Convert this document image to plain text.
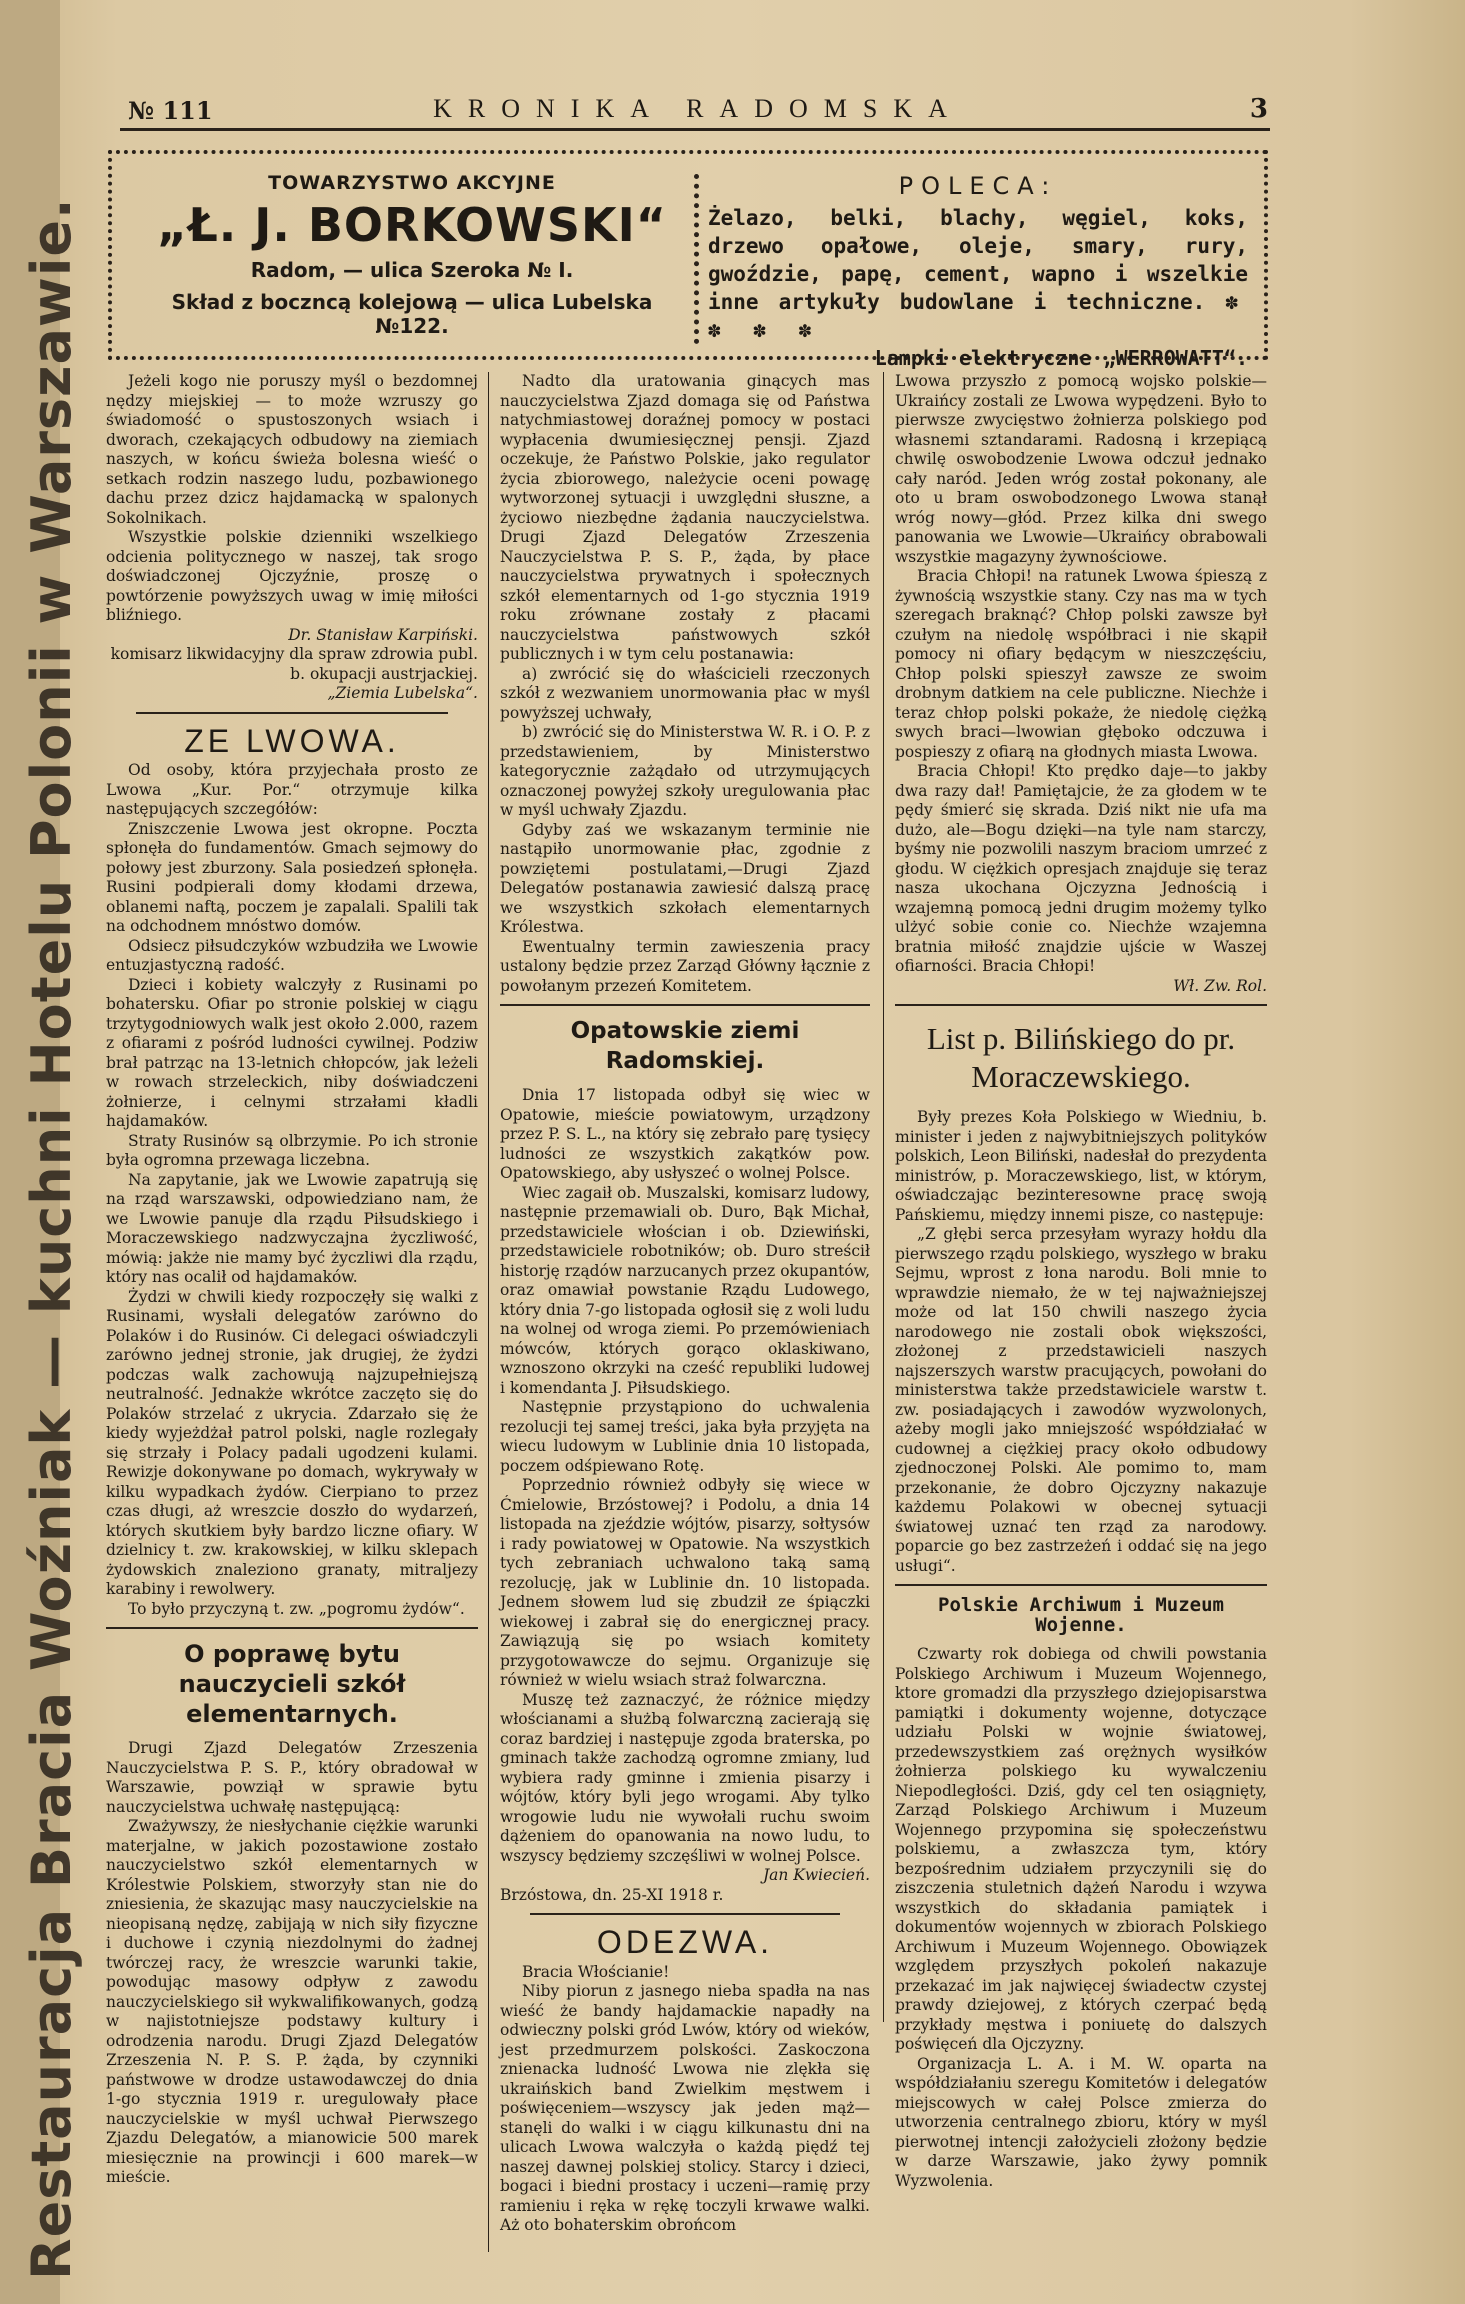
Restauracja Bracia Woźniak — kuchni Hotelu Polonii w Warszawie.
№ 111	KRONIKA RADOMSKA	3
TOWARZYSTWO AKCYJNE
„Ł. J. BORKOWSKI“
Radom, — ulica Szeroka № I.
Skład z boczncą kolejową — ulica Lubelska №122.
POLECA:
Żelazo, belki, blachy, węgiel, koks, drzewo opałowe, oleje, smary, rury, gwoździe, papę, cement, wapno i wszelkie inne artykuły budowlane i techniczne. ✽ ✽ ✽ ✽
Lampki elektryczne „WERROWATT“.

Jeżeli kogo nie poruszy myśl o bezdomnej nędzy miejskiej — to może wzruszy go świadomość o spustoszonych wsiach i dworach, czekających odbudowy na ziemiach naszych, w końcu świeża bolesna wieść o setkach rodzin naszego ludu, pozbawionego dachu przez dzicz hajdamacką w spalonych Sokolnikach.

Wszystkie polskie dzienniki wszelkiego odcienia politycznego w naszej, tak srogo doświadczonej Ojczyźnie, proszę o powtórzenie powyższych uwag w imię miłości bliźniego.

Dr. Stanisław Karpiński.
komisarz likwidacyjny dla spraw zdrowia publ. b. okupacji austrjackiej.
„Ziemia Lubelska“.
ZE LWOWA.

Od osoby, która przyjechała prosto ze Lwowa „Kur. Por.“ otrzymuje kilka następujących szczegółów:

Zniszczenie Lwowa jest okropne. Poczta spłonęła do fundamentów. Gmach sejmowy do połowy jest zburzony. Sala posiedzeń spłonęła. Rusini podpierali domy kłodami drzewa, oblanemi naftą, poczem je zapalali. Spalili tak na odchodnem mnóstwo domów.

Odsiecz piłsudczyków wzbudziła we Lwowie entuzjastyczną radość.

Dzieci i kobiety walczyły z Rusinami po bohatersku. Ofiar po stronie polskiej w ciągu trzytygodniowych walk jest około 2.000, razem z ofiarami z pośród ludności cywilnej. Podziw brał patrząc na 13-letnich chłopców, jak leżeli w rowach strzeleckich, niby doświadczeni żołnierze, i celnymi strzałami kładli hajdamaków.

Straty Rusinów są olbrzymie. Po ich stronie była ogromna przewaga liczebna.

Na zapytanie, jak we Lwowie zapatrują się na rząd warszawski, odpowiedziano nam, że we Lwowie panuje dla rządu Piłsudskiego i Moraczewskiego nadzwyczajna życzliwość, mówią: jakże nie mamy być życzliwi dla rządu, który nas ocalił od hajdamaków.

Żydzi w chwili kiedy rozpoczęły się walki z Rusinami, wysłali delegatów zarówno do Polaków i do Rusinów. Ci delegaci oświadczyli zarówno jednej stronie, jak drugiej, że żydzi podczas walk zachowują najzupełniejszą neutralność. Jednakże wkrótce zaczęto się do Polaków strzelać z ukrycia. Zdarzało się że kiedy wyjeżdżał patrol polski, nagle rozlegały się strzały i Polacy padali ugodzeni kulami. Rewizje dokonywane po domach, wykrywały w kilku wypadkach żydów. Cierpiano to przez czas długi, aż wreszcie doszło do wydarzeń, których skutkiem były bardzo liczne ofiary. W dzielnicy t. zw. krakowskiej, w kilku sklepach żydowskich znaleziono granaty, mitraljezy karabiny i rewolwery.

To było przyczyną t. zw. „pogromu żydów“.

O poprawę bytu nauczycieli szkół elementarnych.

Drugi Zjazd Delegatów Zrzeszenia Nauczycielstwa P. S. P., który obradował w Warszawie, powziął w sprawie bytu nauczycielstwa uchwałę następującą:

Zważywszy, że niesłychanie ciężkie warunki materjalne, w jakich pozostawione zostało nauczycielstwo szkół elementarnych w Królestwie Polskiem, stworzyły stan nie do zniesienia, że skazując masy nauczycielskie na nieopisaną nędzę, zabijają w nich siły fizyczne i duchowe i czynią niezdolnymi do żadnej twórczej racy, że wreszcie warunki takie, powodując masowy odpływ z zawodu nauczycielskiego sił wykwalifikowanych, godzą w najistotniejsze podstawy kultury i odrodzenia narodu. Drugi Zjazd Delegatów Zrzeszenia N. P. S. P. żąda, by czynniki państwowe w drodze ustawodawczej do dnia 1-go stycznia 1919 r. uregulowały płace nauczycielskie w myśl uchwał Pierwszego Zjazdu Delegatów, a mianowicie 500 marek miesięcznie na prowincji i 600 marek—w mieście.

Nadto dla uratowania ginących mas nauczycielstwa Zjazd domaga się od Państwa natychmiastowej doraźnej pomocy w postaci wypłacenia dwumiesięcznej pensji. Zjazd oczekuje, że Państwo Polskie, jako regulator życia zbiorowego, należycie oceni powagę wytworzonej sytuacji i uwzględni słuszne, a życiowo niezbędne żądania nauczycielstwa. Drugi Zjazd Delegatów Zrzeszenia Nauczycielstwa P. S. P., żąda, by płace nauczycielstwa prywatnych i społecznych szkół elementarnych od 1-go stycznia 1919 roku zrównane zostały z płacami nauczycielstwa państwowych szkół publicznych i w tym celu postanawia:

a) zwrócić się do właścicieli rzeczonych szkół z wezwaniem unormowania płac w myśl powyższej uchwały,

b) zwrócić się do Ministerstwa W. R. i O. P. z przedstawieniem, by Ministerstwo kategorycznie zażądało od utrzymujących oznaczonej powyżej szkoły uregulowania płac w myśl uchwały Zjazdu.

Gdyby zaś we wskazanym terminie nie nastąpiło unormowanie płac, zgodnie z powziętemi postulatami,—Drugi Zjazd Delegatów postanawia zawiesić dalszą pracę we wszystkich szkołach elementarnych Królestwa.

Ewentualny termin zawieszenia pracy ustalony będzie przez Zarząd Główny łącznie z powołanym przezeń Komitetem.

Opatowskie ziemi Radomskiej.

Dnia 17 listopada odbył się wiec w Opatowie, mieście powiatowym, urządzony przez P. S. L., na który się zebrało parę tysięcy ludności ze wszystkich zakątków pow. Opatowskiego, aby usłyszeć o wolnej Polsce.

Wiec zagaił ob. Muszalski, komisarz ludowy, następnie przemawiali ob. Duro, Bąk Michał, przedstawiciele włościan i ob. Dziewiński, przedstawiciele robotników; ob. Duro streścił historję rządów narzucanych przez okupantów, oraz omawiał powstanie Rządu Ludowego, który dnia 7-go listopada ogłosił się z woli ludu na wolnej od wroga ziemi. Po przemówieniach mówców, których gorąco oklaskiwano, wznoszono okrzyki na cześć republiki ludowej i komendanta J. Piłsudskiego.

Następnie przystąpiono do uchwalenia rezolucji tej samej treści, jaka była przyjęta na wiecu ludowym w Lublinie dnia 10 listopada, poczem odśpiewano Rotę.

Poprzednio również odbyły się wiece w Ćmielowie, Brzóstowej? i Podolu, a dnia 14 listopada na zjeździe wójtów, pisarzy, sołtysów i rady powiatowej w Opatowie. Na wszystkich tych zebraniach uchwalono taką samą rezolucję, jak w Lublinie dn. 10 listopada. Jednem słowem lud się zbudził ze śpiączki wiekowej i zabrał się do energicznej pracy. Zawiązują się po wsiach komitety przygotowawcze do sejmu. Organizuje się również w wielu wsiach straż folwarczna.

Muszę też zaznaczyć, że różnice między włościanami a służbą folwarczną zacierają się coraz bardziej i następuje zgoda braterska, po gminach także zachodzą ogromne zmiany, lud wybiera rady gminne i zmienia pisarzy i wójtów, który byli jego wrogami. Aby tylko wrogowie ludu nie wywołali ruchu swoim dążeniem do opanowania na nowo ludu, to wszyscy będziemy szczęśliwi w wolnej Polsce.

Jan Kwiecień.

Brzóstowa, dn. 25-XI 1918 r.

ODEZWA.

Bracia Włościanie!

Niby piorun z jasnego nieba spadła na nas wieść że bandy hajdamackie napadły na odwieczny polski gród Lwów, który od wieków, jest przedmurzem polskości. Zaskoczona znienacka ludność Lwowa nie zlękła się ukraińskich band Zwielkim męstwem i poświęceniem—wszyscy jak jeden mąż—stanęli do walki i w ciągu kilkunastu dni na ulicach Lwowa walczyła o każdą piędź tej naszej dawnej polskiej stolicy. Starcy i dzieci, bogaci i biedni prostacy i uczeni—ramię przy ramieniu i ręka w rękę toczyli krwawe walki. Aż oto bohaterskim obrońcom

Lwowa przyszło z pomocą wojsko polskie—Ukraińcy zostali ze Lwowa wypędzeni. Było to pierwsze zwycięstwo żołnierza polskiego pod własnemi sztandarami. Radosną i krzepiącą chwilę oswobodzenie Lwowa odczuł jednako cały naród. Jeden wróg został pokonany, ale oto u bram oswobodzonego Lwowa stanął wróg nowy—głód. Przez kilka dni swego panowania we Lwowie—Ukraińcy obrabowali wszystkie magazyny żywnościowe.

Bracia Chłopi! na ratunek Lwowa śpieszą z żywnością wszystkie stany. Czy nas ma w tych szeregach braknąć? Chłop polski zawsze był czułym na niedolę współbraci i nie skąpił pomocy ni ofiary będącym w nieszczęściu, Chłop polski spieszył zawsze ze swoim drobnym datkiem na cele publiczne. Niechże i teraz chłop polski pokaże, że niedolę ciężką swych braci—lwowian głęboko odczuwa i pospieszy z ofiarą na głodnych miasta Lwowa.

Bracia Chłopi! Kto prędko daje—to jakby dwa razy dał! Pamiętajcie, że za głodem w te pędy śmierć się skrada. Dziś nikt nie ufa ma dużo, ale—Bogu dzięki—na tyle nam starczy, byśmy nie pozwolili naszym braciom umrzeć z głodu. W ciężkich opresjach znajduje się teraz nasza ukochana Ojczyzna Jednością i wzajemną pomocą jedni drugim możemy tylko ulżyć sobie conie co. Niechże wzajemna bratnia miłość znajdzie ujście w Waszej ofiarności. Bracia Chłopi!

Wł. Zw. Rol.
List p. Bilińskiego do pr. Moraczewskiego.

Były prezes Koła Polskiego w Wiedniu, b. minister i jeden z najwybitniejszych polityków polskich, Leon Biliński, nadesłał do prezydenta ministrów, p. Moraczewskiego, list, w którym, oświadczając bezinteresowne pracę swoją Pańskiemu, między innemi pisze, co następuje:

„Z głębi serca przesyłam wyrazy hołdu dla pierwszego rządu polskiego, wyszłego w braku Sejmu, wprost z łona narodu. Boli mnie to wprawdzie niemało, że w tej najważniejszej może od lat 150 chwili naszego życia narodowego nie zostali obok większości, złożonej z przedstawicieli naszych najszerszych warstw pracujących, powołani do ministerstwa także przedstawiciele warstw t. zw. posiadających i zawodów wyzwolonych, ażeby mogli jako mniejszość współdziałać w cudownej a ciężkiej pracy około odbudowy zjednoczonej Polski. Ale pomimo to, mam przekonanie, że dobro Ojczyzny nakazuje każdemu Polakowi w obecnej sytuacji światowej uznać ten rząd za narodowy. poparcie go bez zastrzeżeń i oddać się na jego usługi“.

Polskie Archiwum i Muzeum Wojenne.

Czwarty rok dobiega od chwili powstania Polskiego Archiwum i Muzeum Wojennego, ktore gromadzi dla przyszłego dziejopisarstwa pamiątki i dokumenty wojenne, dotyczące udziału Polski w wojnie światowej, przedewszystkiem zaś orężnych wysiłków żołnierza polskiego ku wywalczeniu Niepodległości. Dziś, gdy cel ten osiągnięty, Zarząd Polskiego Archiwum i Muzeum Wojennego przypomina się społeczeństwu polskiemu, a zwłaszcza tym, który bezpośrednim udziałem przyczynili się do ziszczenia stuletnich dążeń Narodu i wzywa wszystkich do składania pamiątek i dokumentów wojennych w zbiorach Polskiego Archiwum i Muzeum Wojennego. Obowiązek względem przyszłych pokoleń nakazuje przekazać im jak najwięcej świadectw czystej prawdy dziejowej, z których czerpać będą przykłady męstwa i poniuetę do dalszych poświęceń dla Ojczyzny.

Organizacja L. A. i M. W. oparta na współdziałaniu szeregu Komitetów i delegatów miejscowych w całej Polsce zmierza do utworzenia centralnego zbioru, który w myśl pierwotnej intencji założycieli złożony będzie w darze Warszawie, jako żywy pomnik Wyzwolenia.
